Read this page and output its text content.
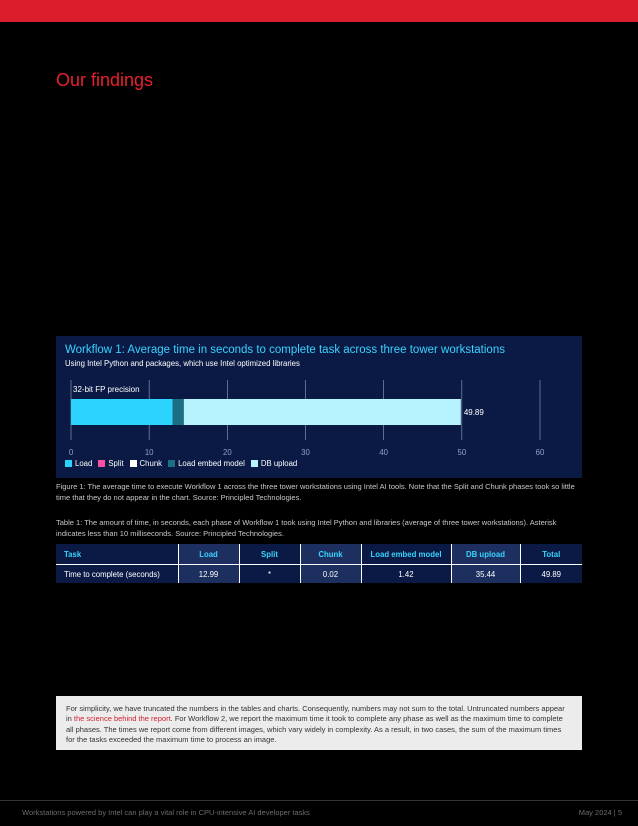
Our findings
0	10	20	30	40	50	60
32-bit FP precision
49.89
Workflow 1: Average time in seconds to complete task across three tower workstations
Using Intel Python and packages, which use Intel optimized libraries
Load Split Chunk Load embed model DB upload

Figure 1: The average time to execute Workflow 1 across the three tower workstations using Intel AI tools. Note that the Split and Chunk phases took so little time that they do not appear in the chart. Source: Principled Technologies.

Table 1: The amount of time, in seconds, each phase of Workflow 1 took using Intel Python and libraries (average of three tower workstations). Asterisk indicates less than 10 milliseconds. Source: Principled Technologies.

Task	Load	Split	Chunk	Load embed model	DB upload	Total
Time to complete (seconds)	12.99	*	0.02	1.42	35.44	49.89

For simplicity, we have truncated the numbers in the tables and charts. Consequently, numbers may not sum to the total. Untruncated numbers appear in the science behind the report. For Workflow 2, we report the maximum time it took to complete any phase as well as the maximum time to complete all phases. The times we report come from different images, which vary widely in complexity. As a result, in two cases, the sum of the maximum times for the tasks exceeded the maximum time to process an image.

Workstations powered by Intel can play a vital role in CPU-intensive AI developer tasks	May 2024 | 5
